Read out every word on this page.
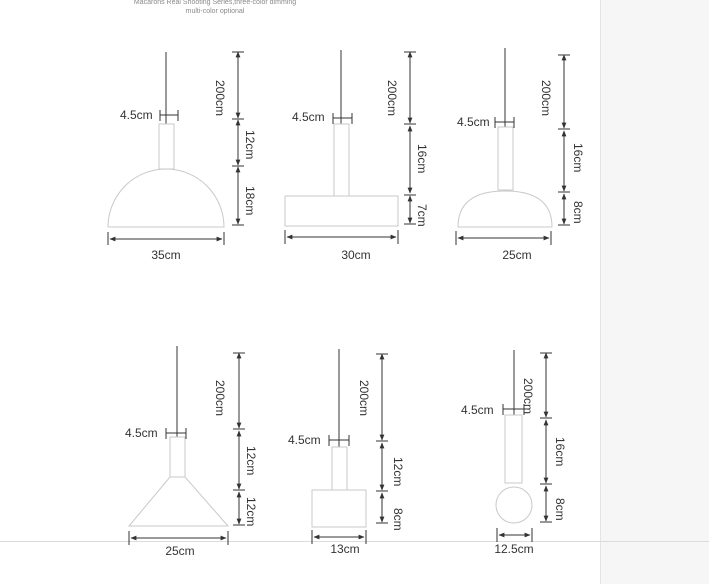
Macarons Real Shooting Series,three-color dimming
multi-color optional
4.5cm	200cm
12cm
18cm
35cm
4.5cm
200cm
16cm
7cm
30cm
4.5cm
200cm
16cm
8cm
25cm
4.5cm
200cm
12cm
12cm
25cm
4.5cm
200cm
12cm
8cm
13cm
4.5cm 200cm
16cm
8cm
12.5cm
